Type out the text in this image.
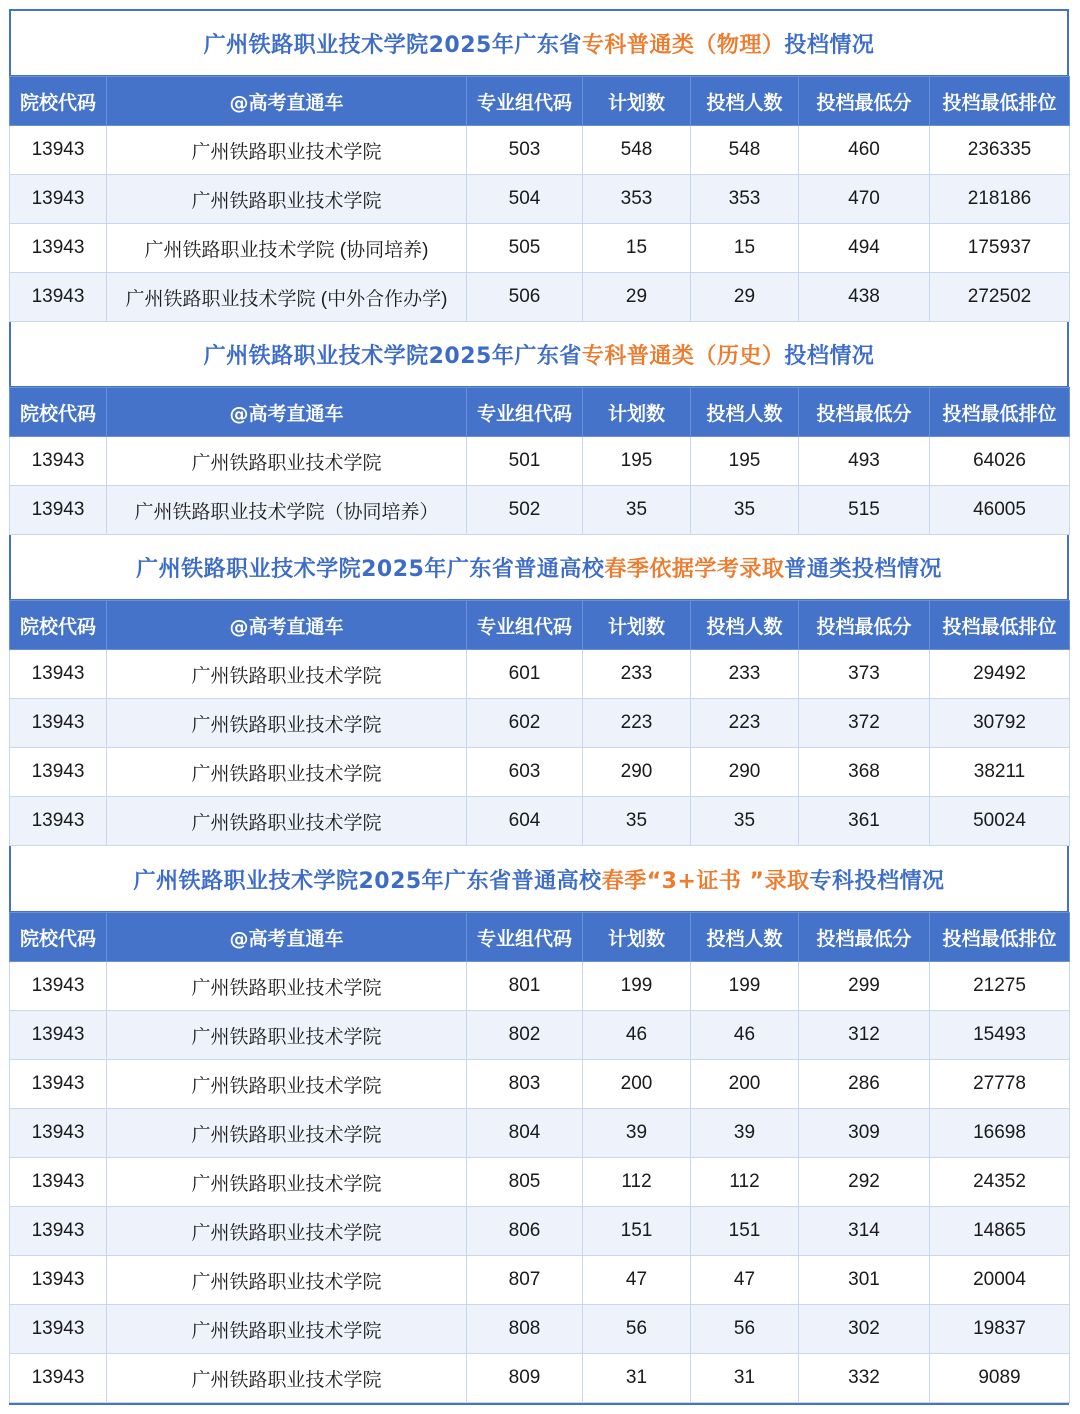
广州铁路职业技术学院2025年广东省 专科普通类（物理） 投档情况
院校代码	@高考直通车	专业组代码	计划数	投档人数	投档最低分	投档最低排位
13943	广州铁路职业技术学院	503	548	548	460	236335
13943	广州铁路职业技术学院	504	353	353	470	218186
13943	广州铁路职业技术学院 (协同培养)	505	15	15	494	175937
13943	广州铁路职业技术学院 (中外合作办学)	506	29	29	438	272502
广州铁路职业技术学院2025年广东省 专科普通类（历史） 投档情况
院校代码	@高考直通车	专业组代码	计划数	投档人数	投档最低分	投档最低排位
13943	广州铁路职业技术学院	501	195	195	493	64026
13943	广州铁路职业技术学院（协同培养）	502	35	35	515	46005
广州铁路职业技术学院2025年广东省普通高校 春季依据学考录取 普通类投档情况
院校代码	@高考直通车	专业组代码	计划数	投档人数	投档最低分	投档最低排位
13943	广州铁路职业技术学院	601	233	233	373	29492
13943	广州铁路职业技术学院	602	223	223	372	30792
13943	广州铁路职业技术学院	603	290	290	368	38211
13943	广州铁路职业技术学院	604	35	35	361	50024
广州铁路职业技术学院2025年广东省普通高校 春季“3+证书 ”录取 专科投档情况
院校代码	@高考直通车	专业组代码	计划数	投档人数	投档最低分	投档最低排位
13943	广州铁路职业技术学院	801	199	199	299	21275
13943	广州铁路职业技术学院	802	46	46	312	15493
13943	广州铁路职业技术学院	803	200	200	286	27778
13943	广州铁路职业技术学院	804	39	39	309	16698
13943	广州铁路职业技术学院	805	112	112	292	24352
13943	广州铁路职业技术学院	806	151	151	314	14865
13943	广州铁路职业技术学院	807	47	47	301	20004
13943	广州铁路职业技术学院	808	56	56	302	19837
13943	广州铁路职业技术学院	809	31	31	332	9089
